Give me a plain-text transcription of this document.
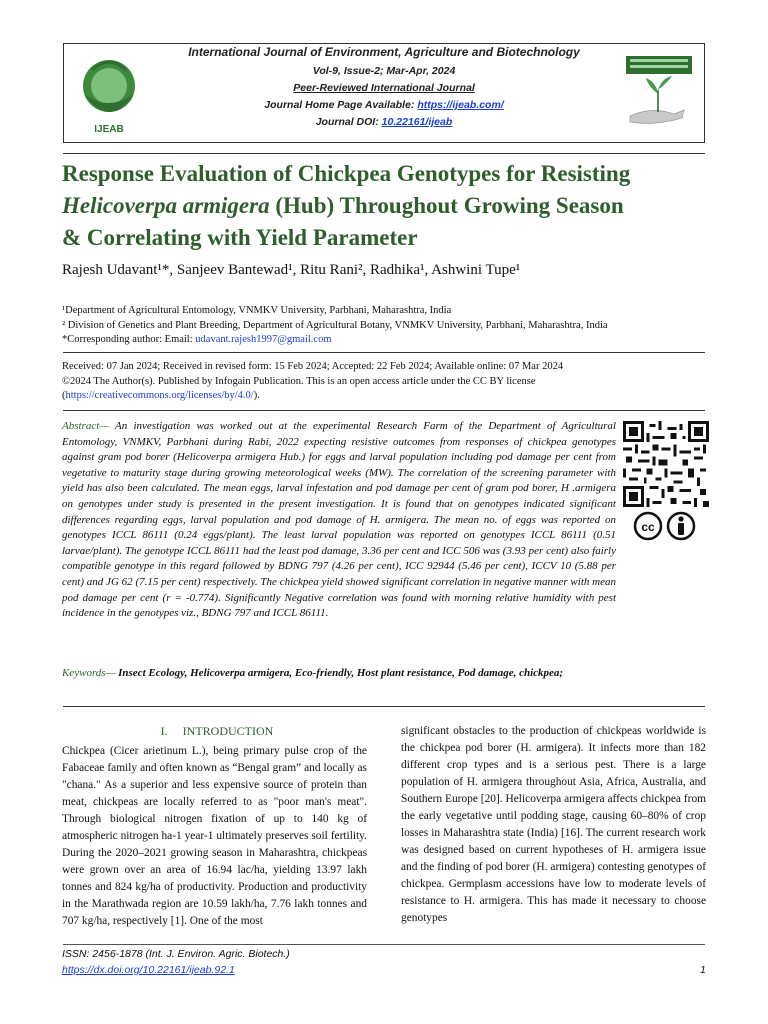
IJEAB
International Journal of Environment, Agriculture and Biotechnology
Vol-9, Issue-2; Mar-Apr, 2024
Peer-Reviewed International Journal
Journal Home Page Available: https://ijeab.com/
Journal DOI: 10.22161/ijeab
Response Evaluation of Chickpea Genotypes for Resisting
Helicoverpa armigera (Hub) Throughout Growing Season
& Correlating with Yield Parameter
Rajesh Udavant¹*, Sanjeev Bantewad¹, Ritu Rani², Radhika¹, Ashwini Tupe¹
¹Department of Agricultural Entomology, VNMKV University, Parbhani, Maharashtra, India
² Division of Genetics and Plant Breeding, Department of Agricultural Botany, VNMKV University, Parbhani, Maharashtra, India
*Corresponding author: Email: udavant.rajesh1997@gmail.com
Received: 07 Jan 2024; Received in revised form: 15 Feb 2024; Accepted: 22 Feb 2024; Available online: 07 Mar 2024
©2024 The Author(s). Published by Infogain Publication. This is an open access article under the CC BY license
(https://creativecommons.org/licenses/by/4.0/).
Abstract— An investigation was worked out at the experimental Research Farm of the Department of Agricultural Entomology, VNMKV, Parbhani during Rabi, 2022 expecting resistive outcomes from responses of chickpea genotypes against gram pod borer (Helicoverpa armigera Hub.) for eggs and larval population including pod damage per cent from vegetative to maturity stage during growing meteorological weeks (MW). The correlation of the screening parameter with yield has also been calculated. The mean eggs, larval infestation and pod damage per cent of gram pod borer, H .armigera on genotypes under study is presented in the present investigation. It is found that on genotypes indicated significant differences regarding eggs, larval population and pod damage of H. armigera. The mean no. of eggs was reported on genotypes ICCL 86111 (0.24 eggs/plant). The least larval population was reported on genotypes ICCL 86111 (0.51 larvae/plant). The genotype ICCL 86111 had the least pod damage, 3.36 per cent and ICC 506 was (3.93 per cent) also fairly compatible genotype in this regard followed by BDNG 797 (4.26 per cent), ICC 92944 (5.46 per cent), ICCV 10 (5.88 per cent) and JG 62 (7.15 per cent) respectively. The chickpea yield showed significant correlation in negative manner with mean pod damage per cent (r = -0.774). Significantly Negative correlation was found with morning relative humidity with pest incidence in the genotypes viz., BDNG 797 and ICCL 86111.
Keywords— Insect Ecology, Helicoverpa armigera, Eco-friendly, Host plant resistance, Pod damage, chickpea;
cc
I. INTRODUCTION
Chickpea (Cicer arietinum L.), being primary pulse crop of the Fabaceae family and often known as “Bengal gram” and locally as "chana." As a superior and less expensive source of protein than meat, chickpeas are locally referred to as "poor man's meat". Through biological nitrogen fixation of up to 140 kg of atmospheric nitrogen ha-1 year-1 ultimately preserves soil fertility. During the 2020–2021 growing season in Maharashtra, chickpeas were grown over an area of 16.94 lac/ha, yielding 13.97 lakh tonnes and 824 kg/ha of productivity. Production and productivity in the Marathwada region are 10.59 lakh/ha, 7.76 lakh tonnes and 707 kg/ha, respectively [1]. One of the most
significant obstacles to the production of chickpeas worldwide is the chickpea pod borer (H. armigera). It infects more than 182 different crop types and is a serious pest. There is a large population of H. armigera throughout Asia, Africa, Australia, and Southern Europe [20]. Helicoverpa armigera affects chickpea from the early vegetative until podding stage, causing 60–80% of crop losses in Maharashtra state (India) [16]. The current research work was designed based on current hypotheses of H. armigera issue and the finding of pod borer (H. armigera) contesting genotypes of chickpea. Germplasm accessions have low to moderate levels of resistance to H. armigera. This has made it necessary to choose genotypes
ISSN: 2456-1878 (Int. J. Environ. Agric. Biotech.)
https://dx.doi.org/10.22161/ijeab.92.1	1
